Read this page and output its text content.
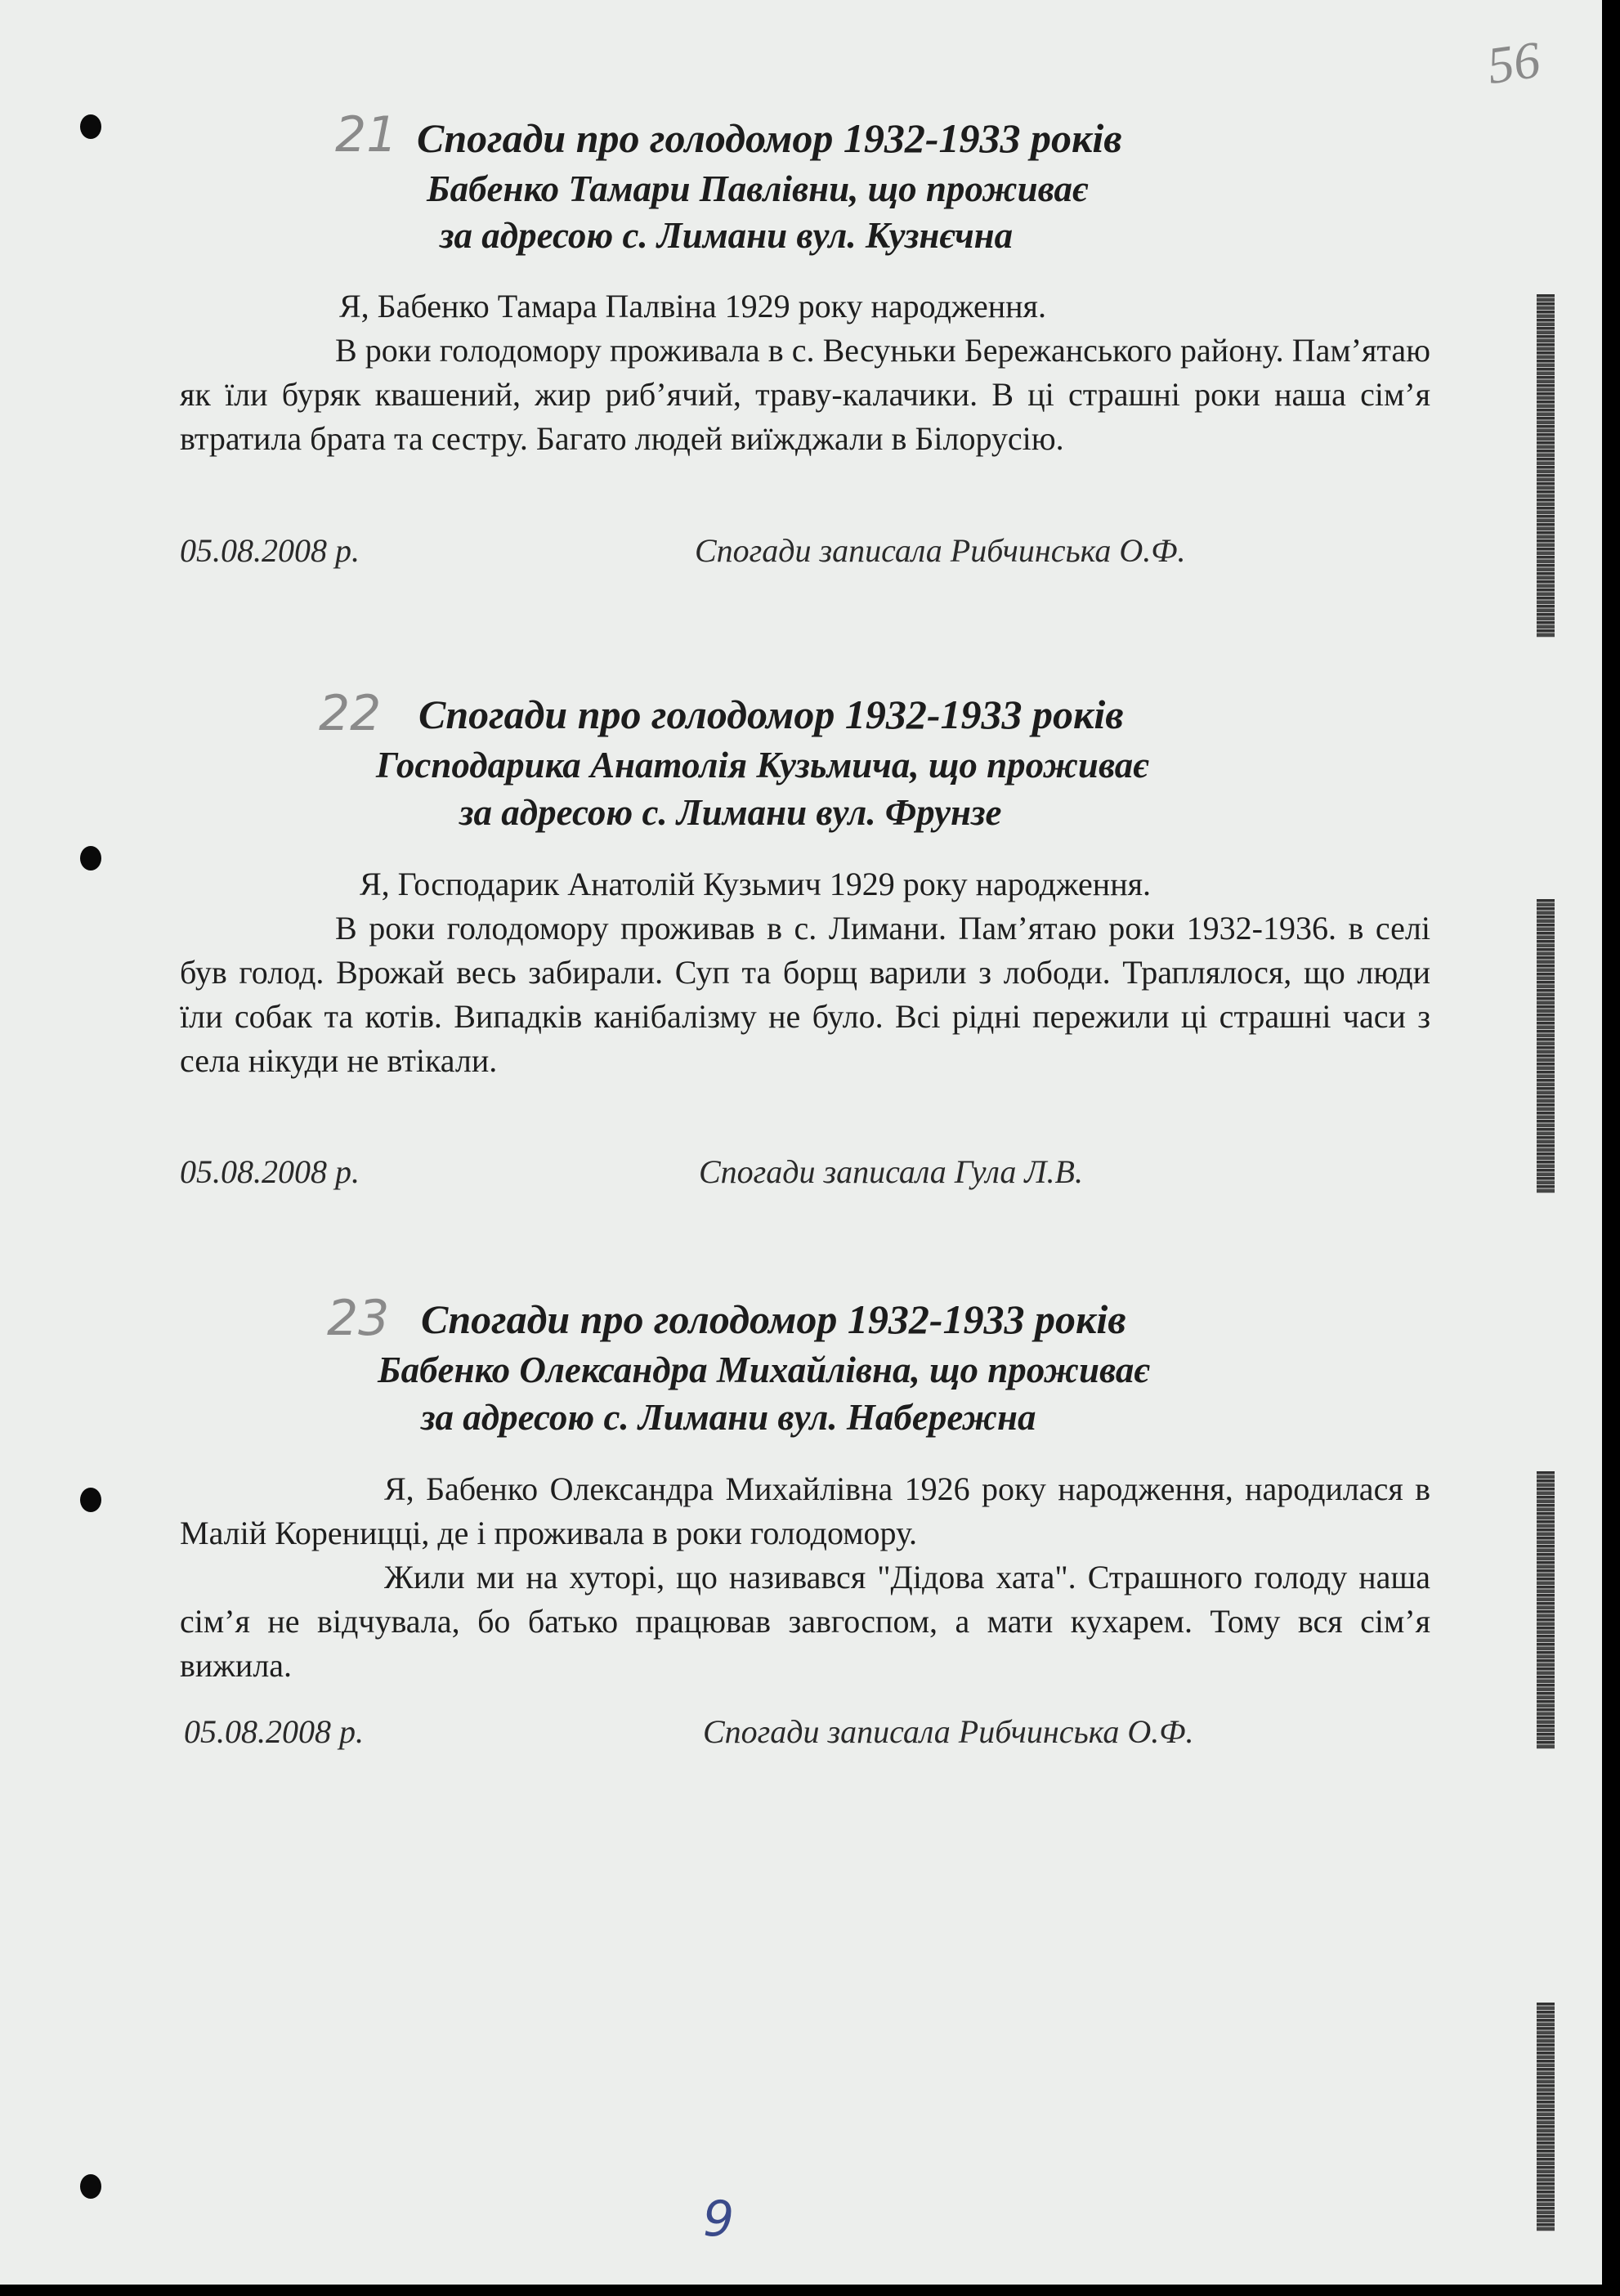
56
21 Спогади про голодомор 1932-1933 років
Бабенко Тамари Павлівни, що проживає
за адресою с. Лимани вул. Кузнєчна

Я, Бабенко Тамара Палвіна 1929 року народження.

В роки голодомору проживала в с. Весуньки Бережанського району. Пам’ятаю як їли буряк квашений, жир риб’ячий, траву-калачики. В ці страшні роки наша сім’я втратила брата та сестру. Багато людей виїжджали в Білорусію.

05.08.2008 р.	Спогади записала Рибчинська О.Ф.
22 Спогади про голодомор 1932-1933 років
Господарика Анатолія Кузьмича, що проживає
за адресою с. Лимани вул. Фрунзе

Я, Господарик Анатолій Кузьмич 1929 року народження.

В роки голодомору проживав в с. Лимани. Пам’ятаю роки 1932-1936. в селі був голод. Врожай весь забирали. Суп та борщ варили з лободи. Траплялося, що люди їли собак та котів. Випадків канібалізму не було. Всі рідні пережили ці страшні часи з села нікуди не втікали.

05.08.2008 р.	Спогади записала Гула Л.В.
23 Спогади про голодомор 1932-1933 років
Бабенко Олександра Михайлівна, що проживає
за адресою с. Лимани вул. Набережна

Я, Бабенко Олександра Михайлівна 1926 року народження, народилася в Малій Кореницці, де і проживала в роки голодомору.

Жили ми на хуторі, що називався "Дідова хата". Страшного голоду наша сім’я не відчувала, бо батько працював завгоспом, а мати кухарем. Тому вся сім’я вижила.

05.08.2008 р.	Спогади записала Рибчинська О.Ф.
9
